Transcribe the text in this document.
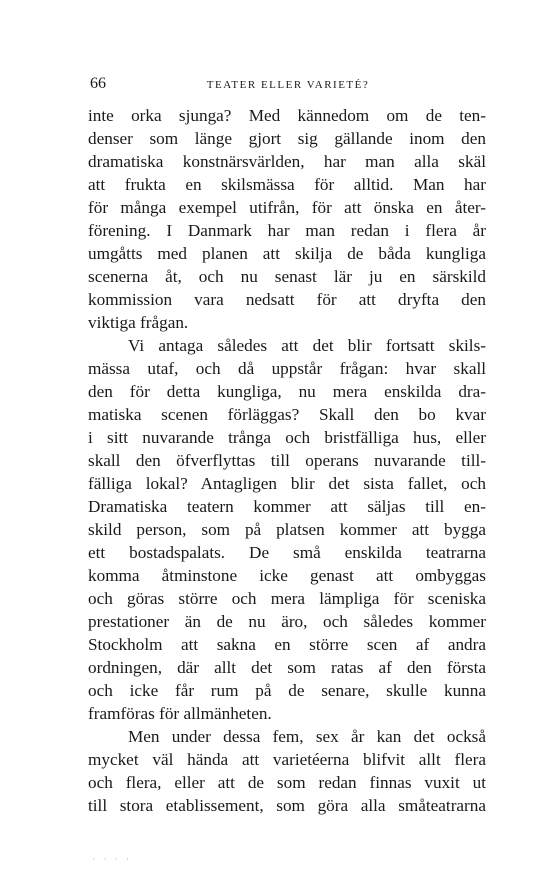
66	TEATER ELLER VARIETÉ?
inte orka sjunga? Med kännedom om de ten-
denser som länge gjort sig gällande inom den
dramatiska konstnärsvärlden, har man alla skäl
att frukta en skilsmässa för alltid. Man har
för många exempel utifrån, för att önska en åter-
förening. I Danmark har man redan i flera år
umgåtts med planen att skilja de båda kungliga
scenerna åt, och nu senast lär ju en särskild
kommission vara nedsatt för att dryfta den
viktiga frågan.
Vi antaga således att det blir fortsatt skils-
mässa utaf, och då uppstår frågan: hvar skall
den för detta kungliga, nu mera enskilda dra-
matiska scenen förläggas? Skall den bo kvar
i sitt nuvarande trånga och bristfälliga hus, eller
skall den öfverflyttas till operans nuvarande till-
fälliga lokal? Antagligen blir det sista fallet, och
Dramatiska teatern kommer att säljas till en-
skild person, som på platsen kommer att bygga
ett bostadspalats. De små enskilda teatrarna
komma åtminstone icke genast att ombyggas
och göras större och mera lämpliga för sceniska
prestationer än de nu äro, och således kommer
Stockholm att sakna en större scen af andra
ordningen, där allt det som ratas af den första
och icke får rum på de senare, skulle kunna
framföras för allmänheten.
Men under dessa fem, sex år kan det också
mycket väl hända att varietéerna blifvit allt flera
och flera, eller att de som redan finnas vuxit ut
till stora etablissement, som göra alla småteatrarna
· · · ·
